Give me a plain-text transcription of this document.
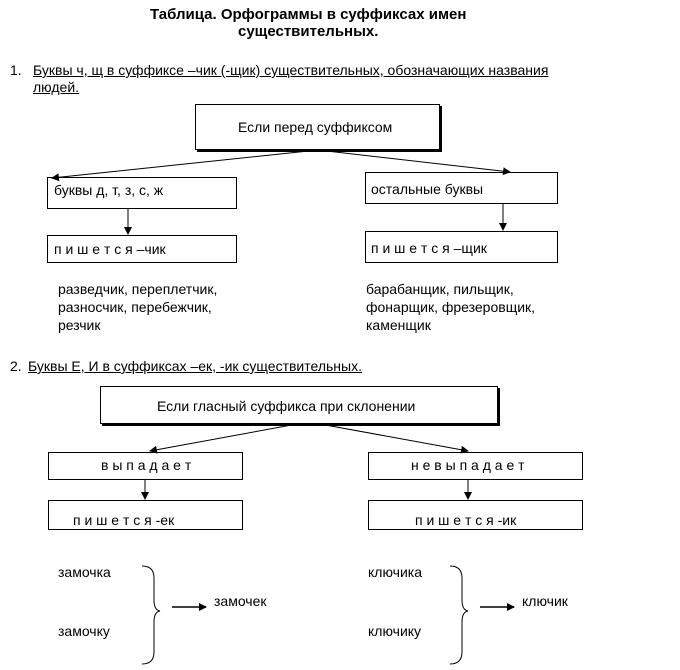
Таблица. Орфограммы в суффиксах имен
существительных.
1. Буквы ч, щ в суффиксе –чик (-щик) существительных, обозначающих названия
людей.
Если перед суффиксом
буквы д, т, з, с, ж	остальные буквы
п и ш е т с я –чик	п и ш е т с я –щик
разведчик, переплетчик,
разносчик, перебежчик,
резчик
барабанщик, пильщик,
фонарщик, фрезеровщик,
каменщик
2. Буквы Е, И в суффиксах –ек, -ик существительных.
Если гласный суффикса при склонении
в ы п а д а е т	н е в ы п а д а е т
п и ш е т с я -ек	п и ш е т с я -ик
замочка
замочку
замочек
ключика
ключику
ключик
